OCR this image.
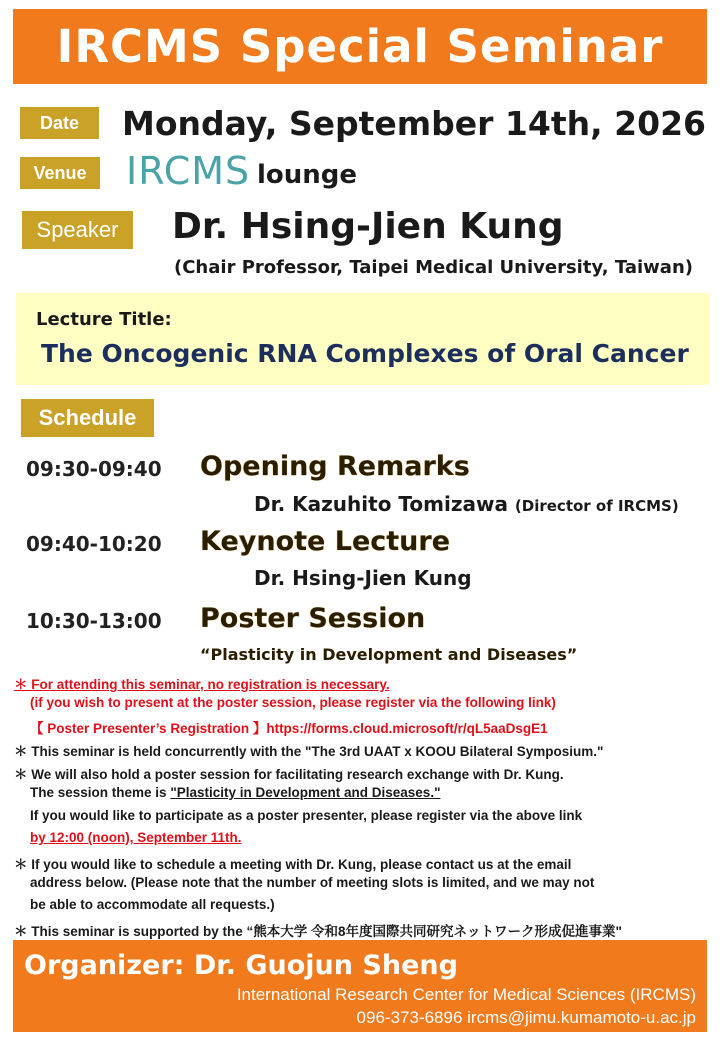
IRCMS Special Seminar
Date	Monday, September 14th, 2026
Venue	IRCMS lounge
Speaker	Dr. Hsing-Jien Kung
(Chair Professor, Taipei Medical University, Taiwan)
Lecture Title:
The Oncogenic RNA Complexes of Oral Cancer
Schedule
09:30-09:40 Opening Remarks
Dr. Kazuhito Tomizawa (Director of IRCMS)
09:40-10:20 Keynote Lecture
Dr. Hsing-Jien Kung
10:30-13:00 Poster Session
“Plasticity in Development and Diseases”
＊ For attending this seminar, no registration is necessary.
(if you wish to present at the poster session, please register via the following link)
【 Poster Presenter’s Registration 】https://forms.cloud.microsoft/r/qL5aaDsgE1
＊ This seminar is held concurrently with the "The 3rd UAAT x KOOU Bilateral Symposium."
＊ We will also hold a poster session for facilitating research exchange with Dr. Kung.
The session theme is "Plasticity in Development and Diseases."
If you would like to participate as a poster presenter, please register via the above link
by 12:00 (noon), September 11th.
＊ If you would like to schedule a meeting with Dr. Kung, please contact us at the email
address below. (Please note that the number of meeting slots is limited, and we may not
be able to accommodate all requests.)
＊ This seminar is supported by the “熊本大学 令和8年度国際共同研究ネットワーク形成促進事業"
Organizer: Dr. Guojun Sheng
International Research Center for Medical Sciences (IRCMS)
096-373-6896 ircms@jimu.kumamoto-u.ac.jp
